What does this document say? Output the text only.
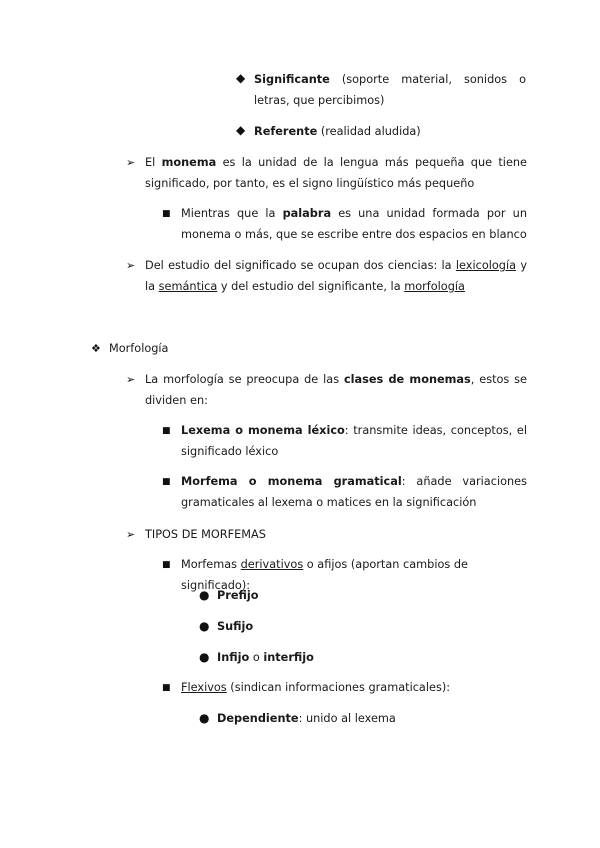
◆ Significante (soporte material, sonidos o letras, que percibimos)
◆ Referente (realidad aludida)
➢ El monema es la unidad de la lengua más pequeña que tiene significado, por tanto, es el signo lingüístico más pequeño
■ Mientras que la palabra es una unidad formada por un monema o más, que se escribe entre dos espacios en blanco
➢ Del estudio del significado se ocupan dos ciencias: la lexicología y la semántica y del estudio del significante, la morfología
❖ Morfología
➢ La morfología se preocupa de las clases de monemas, estos se dividen en:
■ Lexema o monema léxico: transmite ideas, conceptos, el significado léxico
■ Morfema o monema gramatical: añade variaciones gramaticales al lexema o matices en la significación
➢ TIPOS DE MORFEMAS
■ Morfemas derivativos o afijos (aportan cambios de significado):
● Prefijo
● Sufijo
● Infijo o interfijo
■ Flexivos (sindican informaciones gramaticales):
● Dependiente: unido al lexema
